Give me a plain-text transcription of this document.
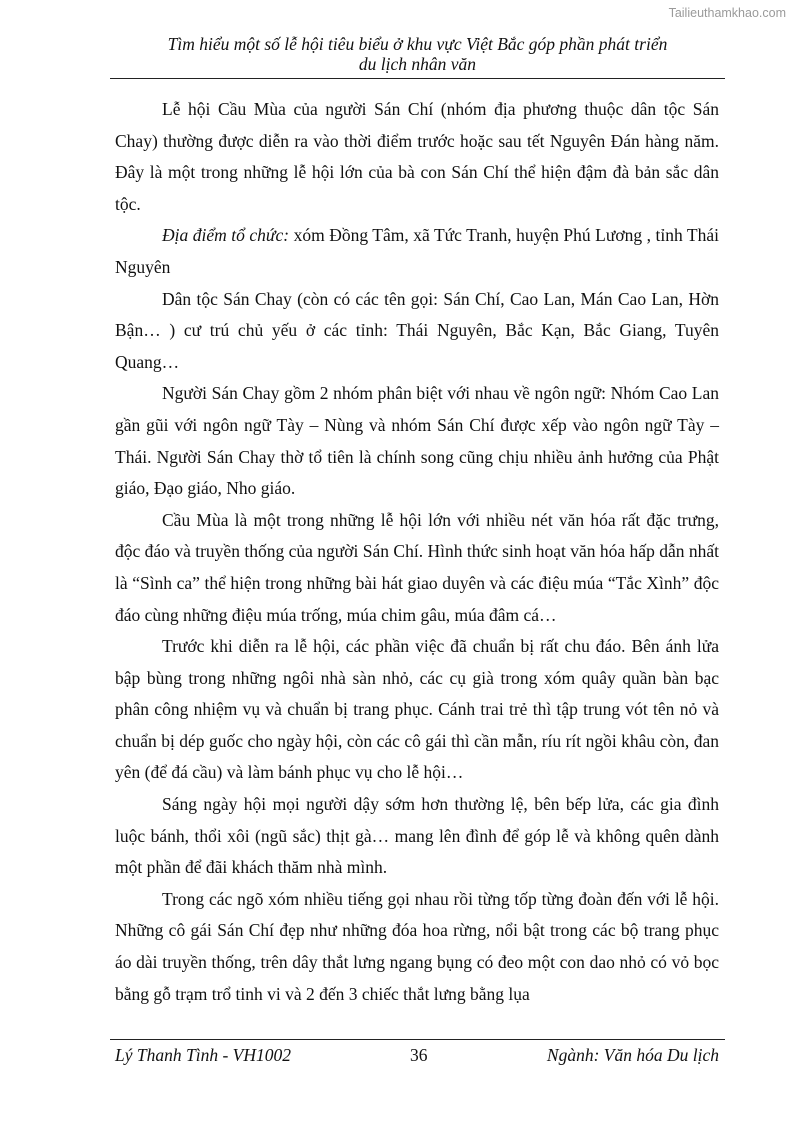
Tailieuthamkhao.com
Tìm hiểu một số lễ hội tiêu biểu ở khu vực Việt Bắc góp phần phát triển
du lịch nhân văn

Lễ hội Cầu Mùa của người Sán Chí (nhóm địa phương thuộc dân tộc Sán Chay) thường được diễn ra vào thời điểm trước hoặc sau tết Nguyên Đán hàng năm. Đây là một trong những lễ hội lớn của bà con Sán Chí thể hiện đậm đà bản sắc dân tộc.

Địa điểm tổ chức: xóm Đồng Tâm, xã Tức Tranh, huyện Phú Lương , tỉnh Thái Nguyên

Dân tộc Sán Chay (còn có các tên gọi: Sán Chí, Cao Lan, Mán Cao Lan, Hờn Bận… ) cư trú chủ yếu ở các tỉnh: Thái Nguyên, Bắc Kạn, Bắc Giang, Tuyên Quang…

Người Sán Chay gồm 2 nhóm phân biệt với nhau về ngôn ngữ: Nhóm Cao Lan gần gũi với ngôn ngữ Tày – Nùng và nhóm Sán Chí được xếp vào ngôn ngữ Tày – Thái. Người Sán Chay thờ tổ tiên là chính song cũng chịu nhiều ảnh hưởng của Phật giáo, Đạo giáo, Nho giáo.

Cầu Mùa là một trong những lễ hội lớn với nhiều nét văn hóa rất đặc trưng, độc đáo và truyền thống của người Sán Chí. Hình thức sinh hoạt văn hóa hấp dẫn nhất là “Sình ca” thể hiện trong những bài hát giao duyên và các điệu múa “Tắc Xình” độc đáo cùng những điệu múa trống, múa chim gâu, múa đâm cá…

Trước khi diễn ra lễ hội, các phần việc đã chuẩn bị rất chu đáo. Bên ánh lửa bập bùng trong những ngôi nhà sàn nhỏ, các cụ già trong xóm quây quần bàn bạc phân công nhiệm vụ và chuẩn bị trang phục. Cánh trai trẻ thì tập trung vót tên nỏ và chuẩn bị dép guốc cho ngày hội, còn các cô gái thì cần mẫn, ríu rít ngồi khâu còn, đan yên (để đá cầu) và làm bánh phục vụ cho lễ hội…

Sáng ngày hội mọi người dậy sớm hơn thường lệ, bên bếp lửa, các gia đình luộc bánh, thổi xôi (ngũ sắc) thịt gà… mang lên đình để góp lễ và không quên dành một phần để đãi khách thăm nhà mình.

Trong các ngõ xóm nhiều tiếng gọi nhau rồi từng tốp từng đoàn đến với lễ hội. Những cô gái Sán Chí đẹp như những đóa hoa rừng, nổi bật trong các bộ trang phục áo dài truyền thống, trên dây thắt lưng ngang bụng có đeo một con dao nhỏ có vỏ bọc bằng gỗ trạm trổ tinh vi và 2 đến 3 chiếc thắt lưng bằng lụa

Lý Thanh Tình - VH1002	36	Ngành: Văn hóa Du lịch
